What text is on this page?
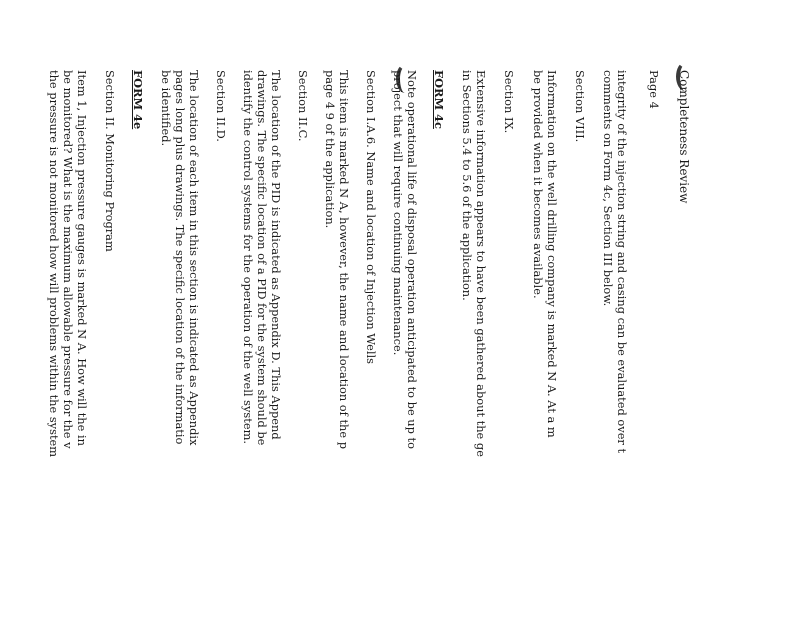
Completeness Review
Page 4
integrity of the injection string and casing can be evaluated over t
comments on Form 4c, Section III below.
Section VIII.
Information on the well drilling company is marked N A. At a m
be provided when it becomes available.
Section IX.
Extensive information appears to have been gathered about the ge
in Sections 5.4 to 5.6 of the application.
FORM 4c
Note operational life of disposal operation anticipated to be up to
project that will require continuing maintenance.
Section I.A.6. Name and location of Injection Wells
This item is marked N A, however, the name and location of the p
page 4 9 of the application.
Section II.C.
The location of the PID is indicated as Appendix D. This Append
drawings. The specific location of a PID for the system should be
identify the control systems for the operation of the well system.
Section II.D.
The location of each item in this section is indicated as Appendix
pages long plus drawings. The specific location of the informatio
be identified.
FORM 4e
Section II. Monitoring Program
Item 1, Injection pressure gauges is marked N A. How will the in
be monitored? What is the maximum allowable pressure for the v
the pressure is not monitored how will problems within the system
